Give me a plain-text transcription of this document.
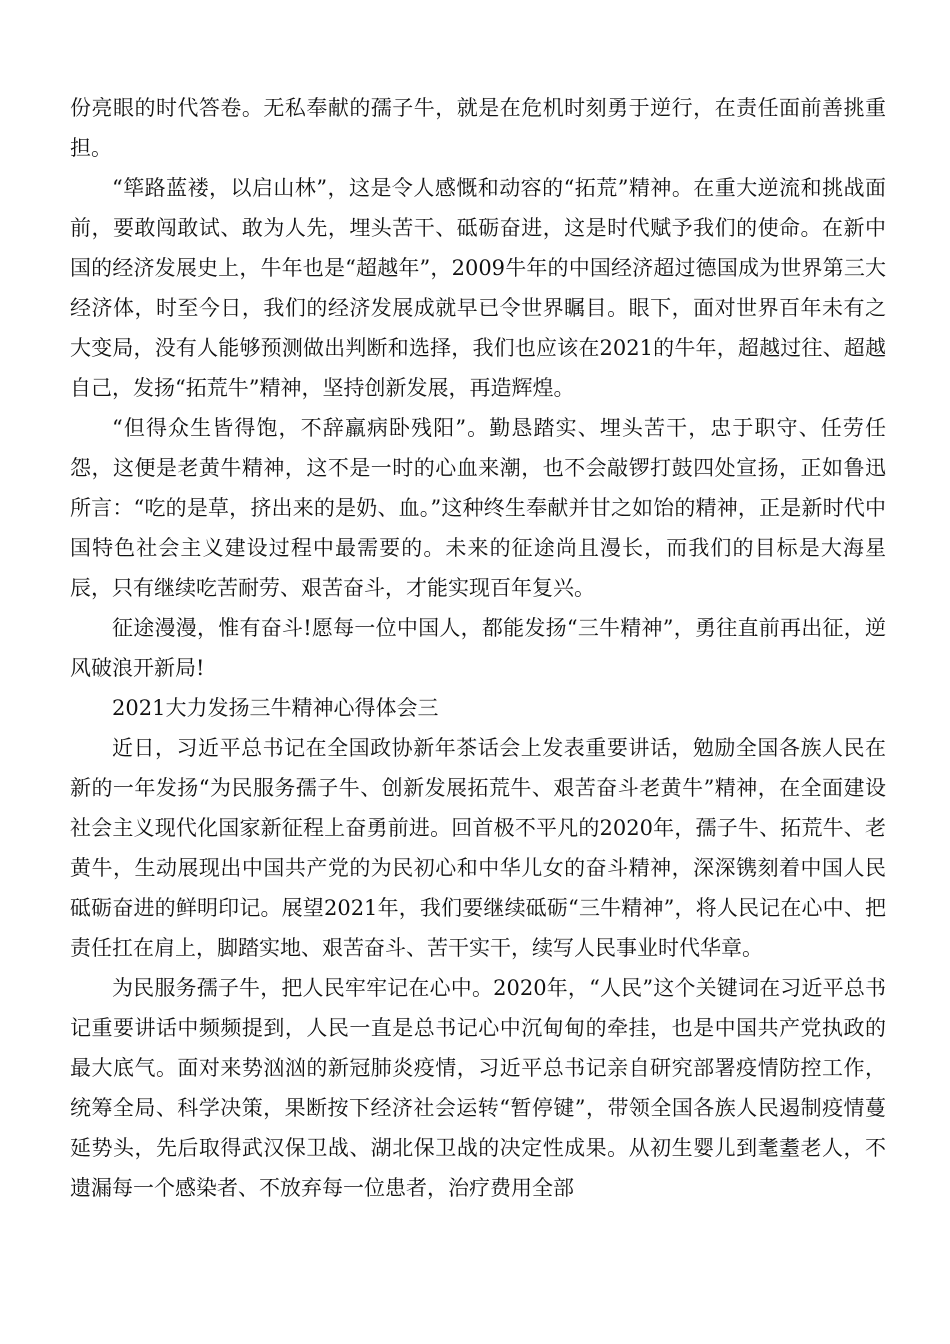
份亮眼的时代答卷。无私奉献的孺子牛，就是在危机时刻勇于逆行，在责任面前善挑重担。

“筚路蓝褛，以启山林”，这是令人感慨和动容的“拓荒”精神。在重大逆流和挑战面前，要敢闯敢试、敢为人先，埋头苦干、砥砺奋进，这是时代赋予我们的使命。在新中国的经济发展史上，牛年也是“超越年”，2009牛年的中国经济超过德国成为世界第三大经济体，时至今日，我们的经济发展成就早已令世界瞩目。眼下，面对世界百年未有之大变局，没有人能够预测做出判断和选择，我们也应该在2021的牛年，超越过往、超越自己，发扬“拓荒牛”精神，坚持创新发展，再造辉煌。

“但得众生皆得饱，不辞羸病卧残阳”。勤恳踏实、埋头苦干，忠于职守、任劳任怨，这便是老黄牛精神，这不是一时的心血来潮，也不会敲锣打鼓四处宣扬，正如鲁迅所言：“吃的是草，挤出来的是奶、血。”这种终生奉献并甘之如饴的精神，正是新时代中国特色社会主义建设过程中最需要的。未来的征途尚且漫长，而我们的目标是大海星辰，只有继续吃苦耐劳、艰苦奋斗，才能实现百年复兴。

征途漫漫，惟有奋斗!愿每一位中国人，都能发扬“三牛精神”，勇往直前再出征，逆风破浪开新局!

2021大力发扬三牛精神心得体会三

近日，习近平总书记在全国政协新年茶话会上发表重要讲话，勉励全国各族人民在新的一年发扬“为民服务孺子牛、创新发展拓荒牛、艰苦奋斗老黄牛”精神，在全面建设社会主义现代化国家新征程上奋勇前进。回首极不平凡的2020年，孺子牛、拓荒牛、老黄牛，生动展现出中国共产党的为民初心和中华儿女的奋斗精神，深深镌刻着中国人民砥砺奋进的鲜明印记。展望2021年，我们要继续砥砺“三牛精神”，将人民记在心中、把责任扛在肩上，脚踏实地、艰苦奋斗、苦干实干，续写人民事业时代华章。

为民服务孺子牛，把人民牢牢记在心中。2020年，“人民”这个关键词在习近平总书记重要讲话中频频提到，人民一直是总书记心中沉甸甸的牵挂，也是中国共产党执政的最大底气。面对来势汹汹的新冠肺炎疫情，习近平总书记亲自研究部署疫情防控工作，统筹全局、科学决策，果断按下经济社会运转“暂停键”，带领全国各族人民遏制疫情蔓延势头，先后取得武汉保卫战、湖北保卫战的决定性成果。从初生婴儿到耄耋老人，不遗漏每一个感染者、不放弃每一位患者，治疗费用全部
